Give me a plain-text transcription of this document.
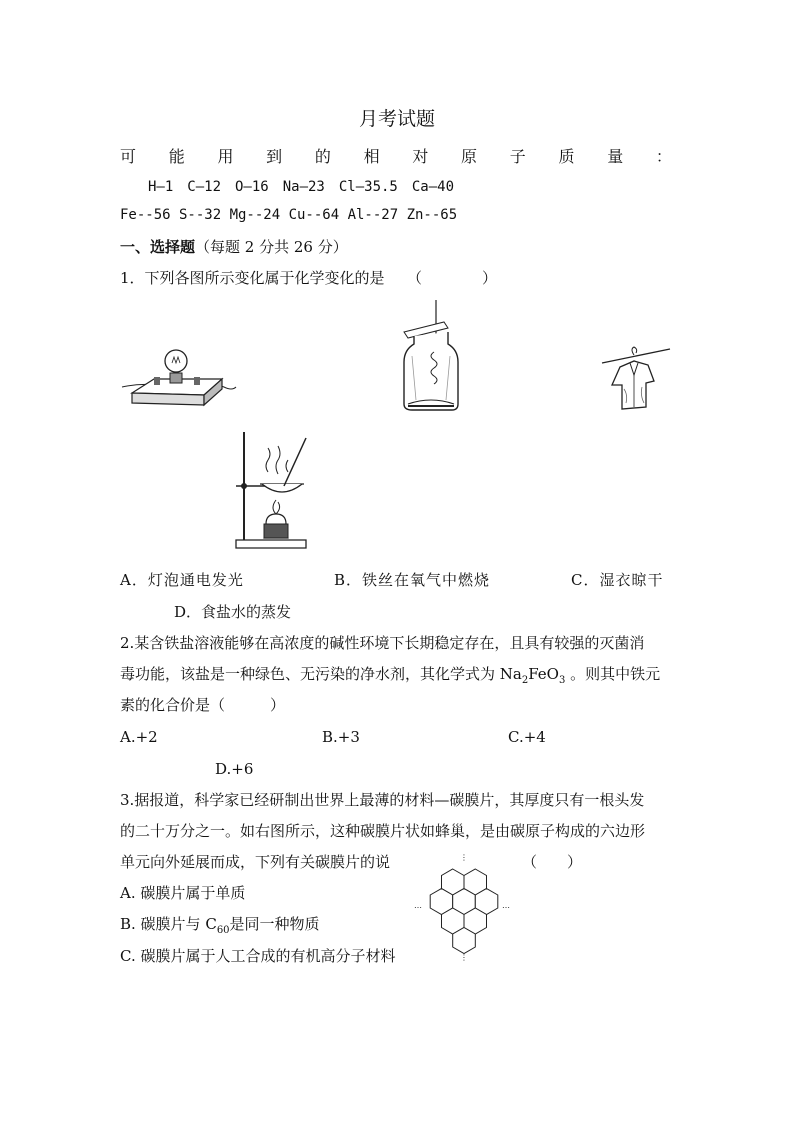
月考试题
可 能 用 到 的 相 对 原 子 质 量 ：
H—1　C—12　O—16　Na—23　Cl—35.5　Ca—40
Fe--56 S--32 Mg--24 Cu--64 Al--27 Zn--65
一、选择题（每题 2 分共 26 分）
1．下列各图所示变化属于化学变化的是　　（　　　　）
A．灯泡通电发光	B．铁丝在氧气中燃烧	C．湿衣晾干
D．食盐水的蒸发
2.某含铁盐溶液能够在高浓度的碱性环境下长期稳定存在，且具有较强的灭菌消
毒功能，该盐是一种绿色、无污染的净水剂，其化学式为 $Na_2FeO_3$ 。则其中铁元
素的化合价是（　　　）
A.+2	B.+3	C.+4
D.+6
3.据报道，科学家已经研制出世界上最薄的材料—碳膜片，其厚度只有一根头发
的二十万分之一。如右图所示，这种碳膜片状如蜂巢，是由碳原子构成的六边形
单元向外延展而成，下列有关碳膜片的说	（　　）
A. 碳膜片属于单质
B. 碳膜片与 $C_{60}$是同一种物质
C. 碳膜片属于人工合成的有机高分子材料
⋮
⋮
…	…
